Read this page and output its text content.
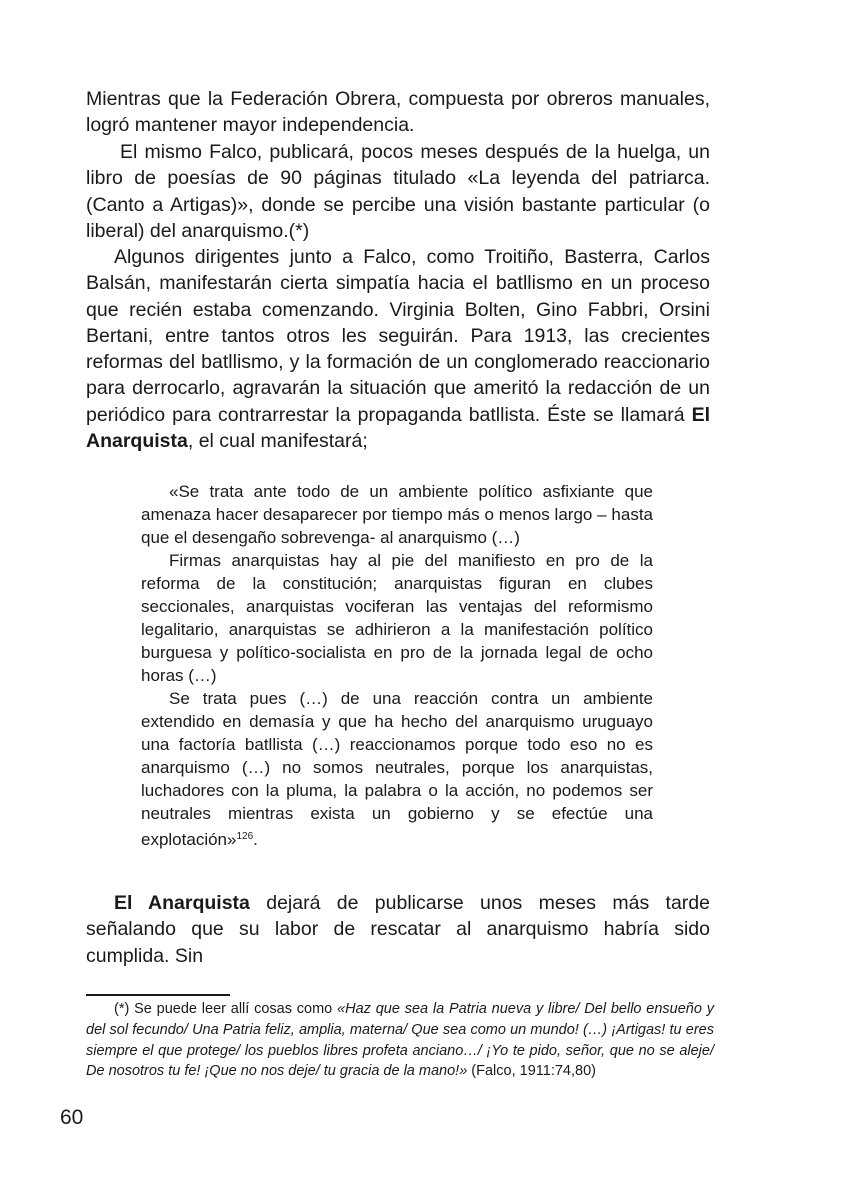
Mientras que la Federación Obrera, compuesta por obreros manuales, logró mantener mayor independencia.

El mismo Falco, publicará, pocos meses después de la huelga, un libro de poesías de 90 páginas titulado «La leyenda del patriarca. (Canto a Artigas)», donde se percibe una visión bastante particular (o liberal) del anarquismo.(*)

Algunos dirigentes junto a Falco, como Troitiño, Basterra, Carlos Balsán, manifestarán cierta simpatía hacia el batllismo en un proceso que recién estaba comenzando. Virginia Bolten, Gino Fabbri, Orsini Bertani, entre tantos otros les seguirán. Para 1913, las crecientes reformas del batllismo, y la formación de un conglomerado reaccionario para derrocarlo, agravarán la situación que ameritó la redacción de un periódico para contrarrestar la propaganda batllista. Éste se llamará El Anarquista, el cual manifestará;

«Se trata ante todo de un ambiente político asfixiante que amenaza hacer desaparecer por tiempo más o menos largo – hasta que el desengaño sobrevenga- al anarquismo (…)

Firmas anarquistas hay al pie del manifiesto en pro de la reforma de la constitución; anarquistas figuran en clubes seccionales, anarquistas vociferan las ventajas del reformismo legalitario, anarquistas se adhirieron a la manifestación político burguesa y político-socialista en pro de la jornada legal de ocho horas (…)

Se trata pues (…) de una reacción contra un ambiente extendido en demasía y que ha hecho del anarquismo uruguayo una factoría batllista (…) reaccionamos porque todo eso no es anarquismo (…) no somos neutrales, porque los anarquistas, luchadores con la pluma, la palabra o la acción, no podemos ser neutrales mientras exista un gobierno y se efectúe una explotación»$^{126}$.

El Anarquista dejará de publicarse unos meses más tarde señalando que su labor de rescatar al anarquismo habría sido cumplida. Sin

(*) Se puede leer allí cosas como «Haz que sea la Patria nueva y libre/ Del bello ensueño y del sol fecundo/ Una Patria feliz, amplia, materna/ Que sea como un mundo! (…) ¡Artigas! tu eres siempre el que protege/ los pueblos libres profeta anciano…/ ¡Yo te pido, señor, que no se aleje/ De nosotros tu fe! ¡Que no nos deje/ tu gracia de la mano!» (Falco, 1911:74,80)

60
